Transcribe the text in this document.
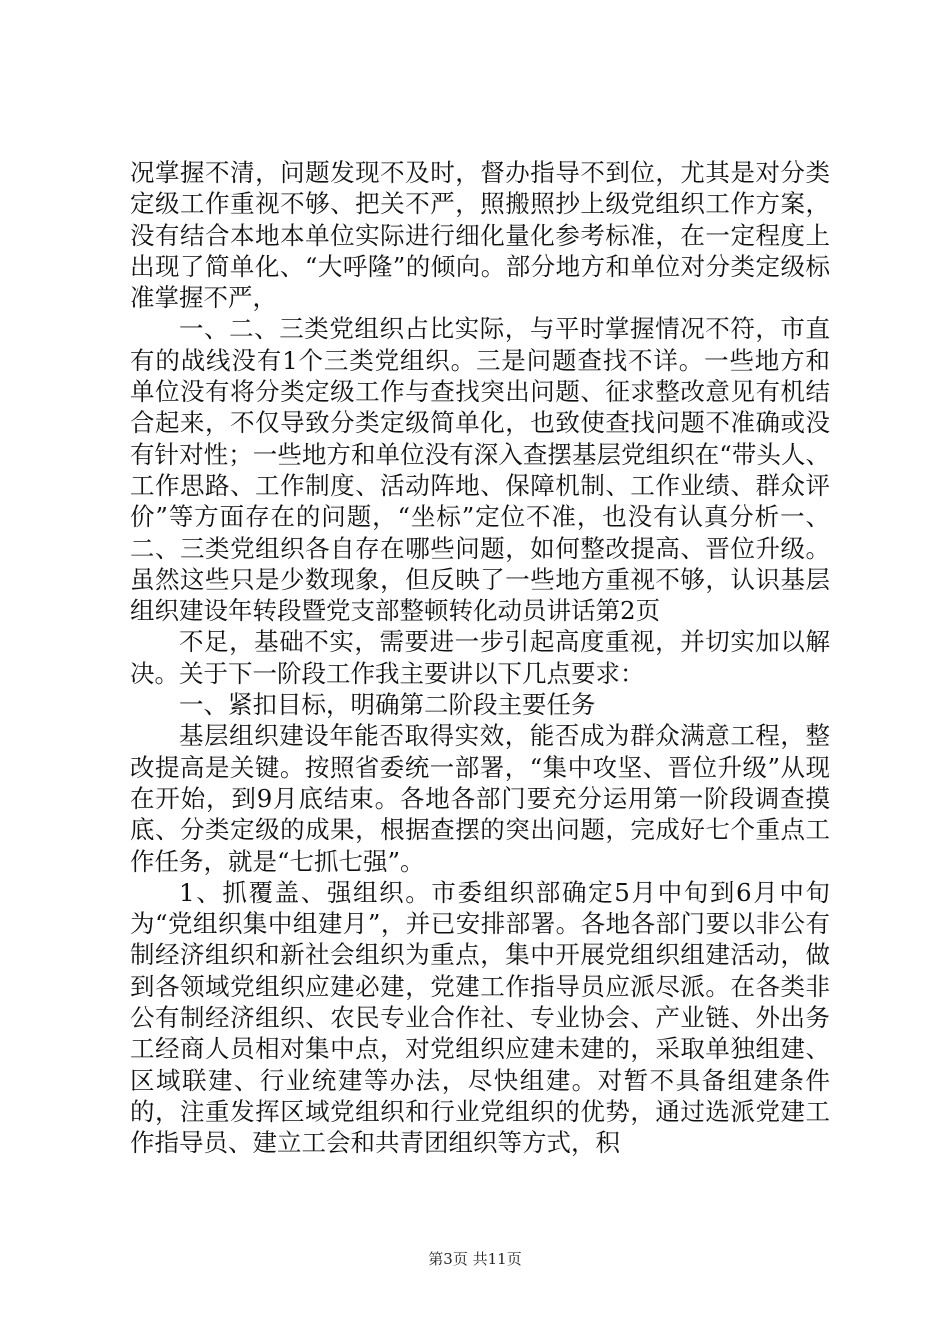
况掌握不清，问题发现不及时，督办指导不到位，尤其是对分类定级工作重视不够、把关不严，照搬照抄上级党组织工作方案，没有结合本地本单位实际进行细化量化参考标准，在一定程度上出现了简单化、“大呼隆”的倾向。部分地方和单位对分类定级标准掌握不严，

一、二、三类党组织占比实际，与平时掌握情况不符，市直有的战线没有1个三类党组织。三是问题查找不详。一些地方和单位没有将分类定级工作与查找突出问题、征求整改意见有机结合起来，不仅导致分类定级简单化，也致使查找问题不准确或没有针对性；一些地方和单位没有深入查摆基层党组织在“带头人、工作思路、工作制度、活动阵地、保障机制、工作业绩、群众评价”等方面存在的问题，“坐标”定位不准，也没有认真分析一、二、三类党组织各自存在哪些问题，如何整改提高、晋位升级。虽然这些只是少数现象，但反映了一些地方重视不够，认识基层组织建设年转段暨党支部整顿转化动员讲话第2页

不足，基础不实，需要进一步引起高度重视，并切实加以解决。关于下一阶段工作我主要讲以下几点要求：

一、紧扣目标，明确第二阶段主要任务

基层组织建设年能否取得实效，能否成为群众满意工程，整改提高是关键。按照省委统一部署，“集中攻坚、晋位升级”从现在开始，到9月底结束。各地各部门要充分运用第一阶段调查摸底、分类定级的成果，根据查摆的突出问题，完成好七个重点工作任务，就是“七抓七强”。

1、抓覆盖、强组织。市委组织部确定5月中旬到6月中旬为“党组织集中组建月”，并已安排部署。各地各部门要以非公有制经济组织和新社会组织为重点，集中开展党组织组建活动，做到各领域党组织应建必建，党建工作指导员应派尽派。在各类非公有制经济组织、农民专业合作社、专业协会、产业链、外出务工经商人员相对集中点，对党组织应建未建的，采取单独组建、区域联建、行业统建等办法，尽快组建。对暂不具备组建条件的，注重发挥区域党组织和行业党组织的优势，通过选派党建工作指导员、建立工会和共青团组织等方式，积

第3页 共11页
